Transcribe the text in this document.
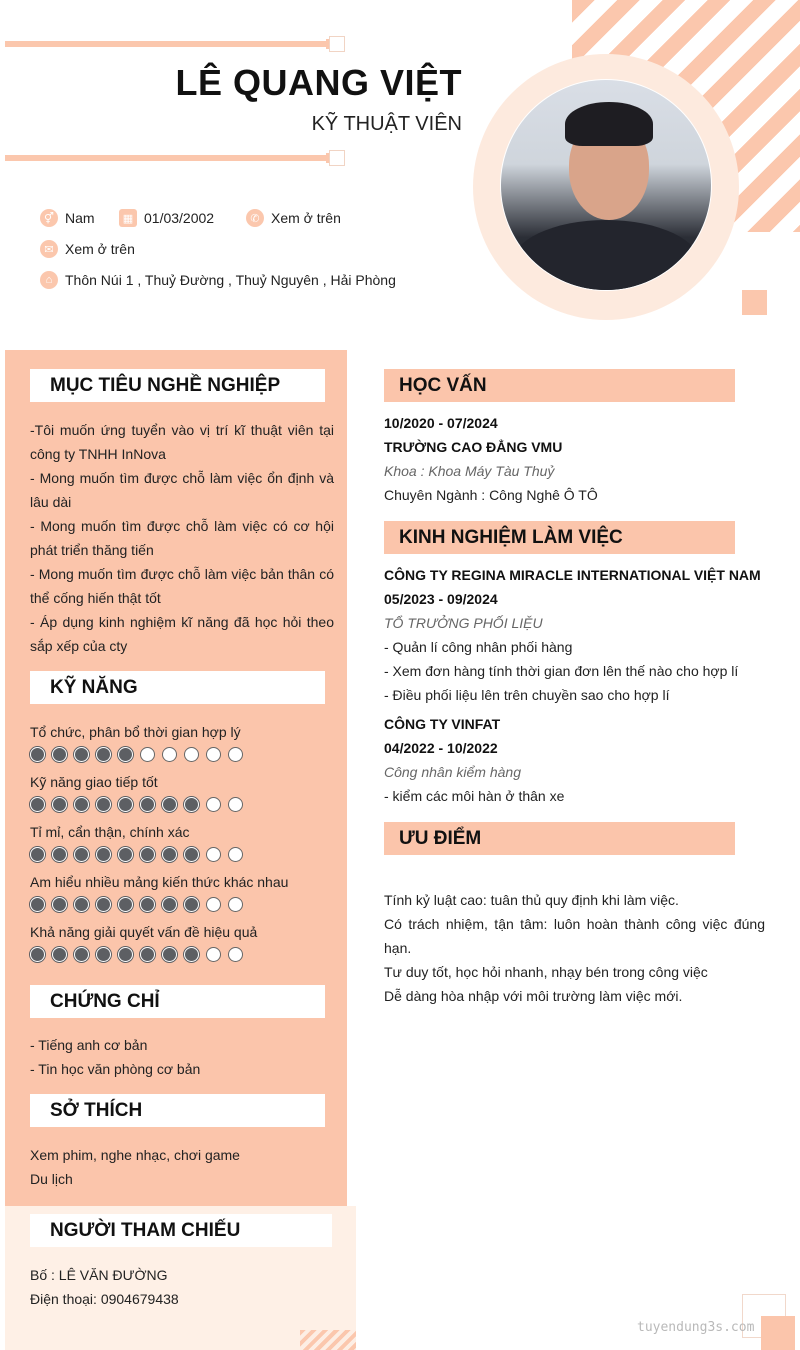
LÊ QUANG VIỆT
KỸ THUẬT VIÊN
⚥ Nam	▦ 01/03/2002	✆ Xem ở trên
✉ Xem ở trên
⌂ Thôn Núi 1 , Thuỷ Đường , Thuỷ Nguyên , Hải Phòng
MỤC TIÊU NGHỀ NGHIỆP

-Tôi muốn ứng tuyển vào vị trí kĩ thuật viên tại công ty TNHH InNova

- Mong muốn tìm được chỗ làm việc ổn định và lâu dài

- Mong muốn tìm được chỗ làm việc có cơ hội phát triển thăng tiến

- Mong muốn tìm được chỗ làm việc bản thân có thể cống hiến thật tốt

- Áp dụng kinh nghiệm kĩ năng đã học hỏi theo sắp xếp của cty

KỸ NĂNG
Tổ chức, phân bổ thời gian hợp lý
Kỹ năng giao tiếp tốt
Tỉ mỉ, cẩn thận, chính xác
Am hiểu nhiều mảng kiến thức khác nhau
Khả năng giải quyết vấn đề hiệu quả
CHỨNG CHỈ

- Tiếng anh cơ bản

- Tin học văn phòng cơ bản

SỞ THÍCH

Xem phim, nghe nhạc, chơi game

Du lịch

NGƯỜI THAM CHIẾU

Bố : LÊ VĂN ĐƯỜNG

Điện thoại: 0904679438

HỌC VẤN
10/2020 - 07/2024
TRƯỜNG CAO ĐẲNG VMU
Khoa : Khoa Máy Tàu Thuỷ
Chuyên Ngành : Công Nghê Ô TÔ
KINH NGHIỆM LÀM VIỆC
CÔNG TY REGINA MIRACLE INTERNATIONAL VIỆT NAM
05/2023 - 09/2024
TỔ TRƯỞNG PHỐI LIỆU
- Quản lí công nhân phối hàng
- Xem đơn hàng tính thời gian đơn lên thế nào cho hợp lí
- Điều phối liệu lên trên chuyền sao cho hợp lí
CÔNG TY VINFAT
04/2022 - 10/2022
Công nhân kiểm hàng
- kiểm các môi hàn ở thân xe
ƯU ĐIỂM

Tính kỷ luật cao: tuân thủ quy định khi làm việc.

Có trách nhiệm, tận tâm: luôn hoàn thành công việc đúng hạn.

Tư duy tốt, học hỏi nhanh, nhạy bén trong công việc

Dễ dàng hòa nhập với môi trường làm việc mới.

tuyendung3s.com
